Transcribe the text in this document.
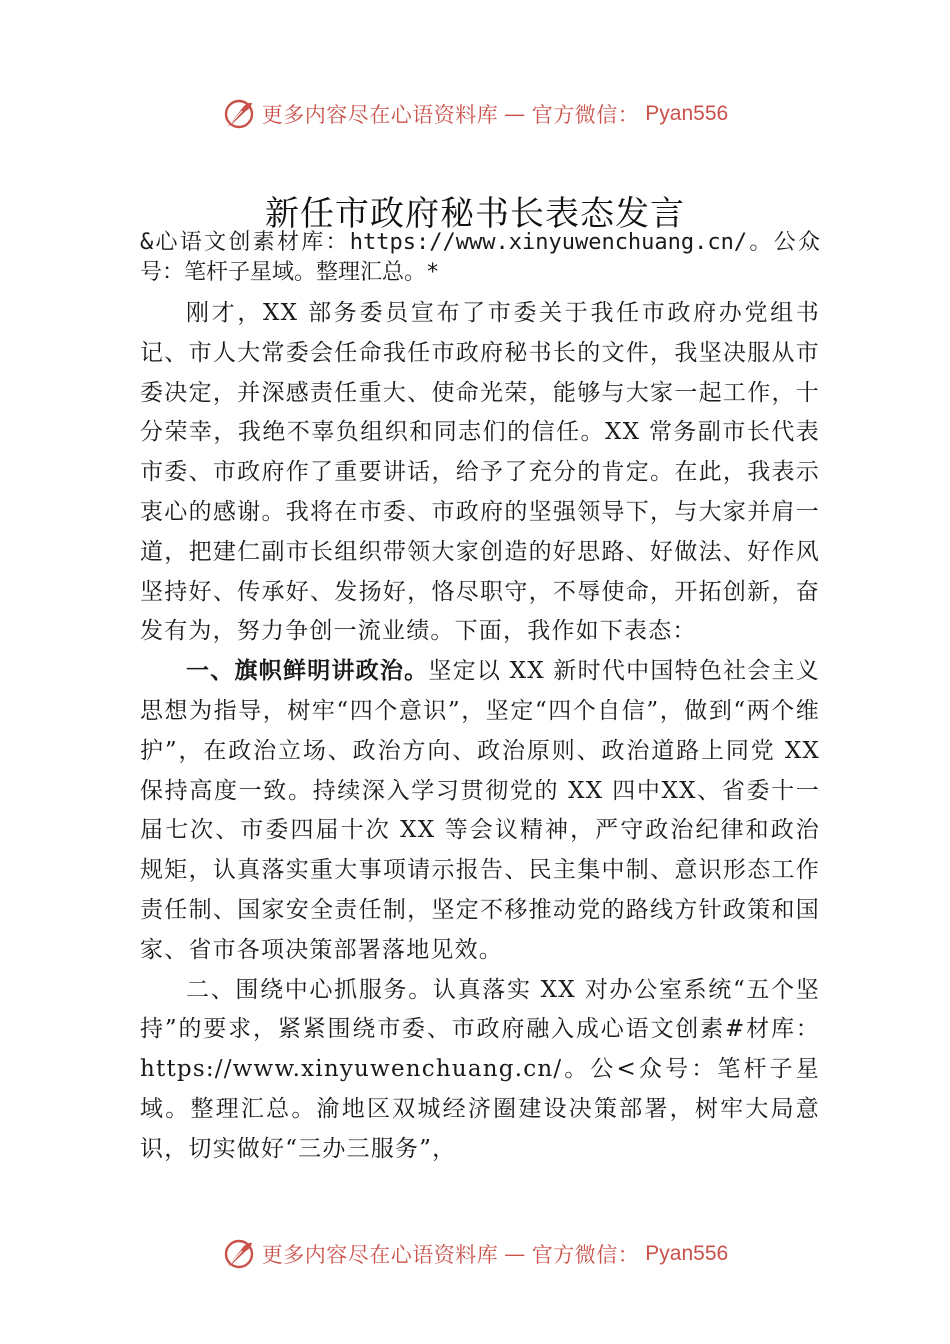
更多内容尽在心语资料库 — 官方微信： Pyan556
新任市政府秘书长表态发言

&心语文创素材库：https://www.xinyuwenchuang.cn/。公众号：笔杆子星域。整理汇总。*

刚才，XX 部务委员宣布了市委关于我任市政府办党组书记、市人大常委会任命我任市政府秘书长的文件，我坚决服从市委决定，并深感责任重大、使命光荣，能够与大家一起工作，十分荣幸，我绝不辜负组织和同志们的信任。XX 常务副市长代表市委、市政府作了重要讲话，给予了充分的肯定。在此，我表示衷心的感谢。我将在市委、市政府的坚强领导下，与大家并肩一道，把建仁副市长组织带领大家创造的好思路、好做法、好作风坚持好、传承好、发扬好，恪尽职守，不辱使命，开拓创新，奋发有为，努力争创一流业绩。下面，我作如下表态：

一、旗帜鲜明讲政治。坚定以 XX 新时代中国特色社会主义思想为指导，树牢“四个意识”，坚定“四个自信”，做到“两个维护”，在政治立场、政治方向、政治原则、政治道路上同党 XX 保持高度一致。持续深入学习贯彻党的 XX 四中XX、省委十一届七次、市委四届十次 XX 等会议精神，严守政治纪律和政治规矩，认真落实重大事项请示报告、民主集中制、意识形态工作责任制、国家安全责任制，坚定不移推动党的路线方针政策和国家、省市各项决策部署落地见效。

二、围绕中心抓服务。认真落实 XX 对办公室系统“五个坚持”的要求，紧紧围绕市委、市政府融入成心语文创素#材库：https://www.xinyuwenchuang.cn/。公<众号：笔杆子星域。整理汇总。渝地区双城经济圈建设决策部署，树牢大局意识，切实做好“三办三服务”，

更多内容尽在心语资料库 — 官方微信： Pyan556
